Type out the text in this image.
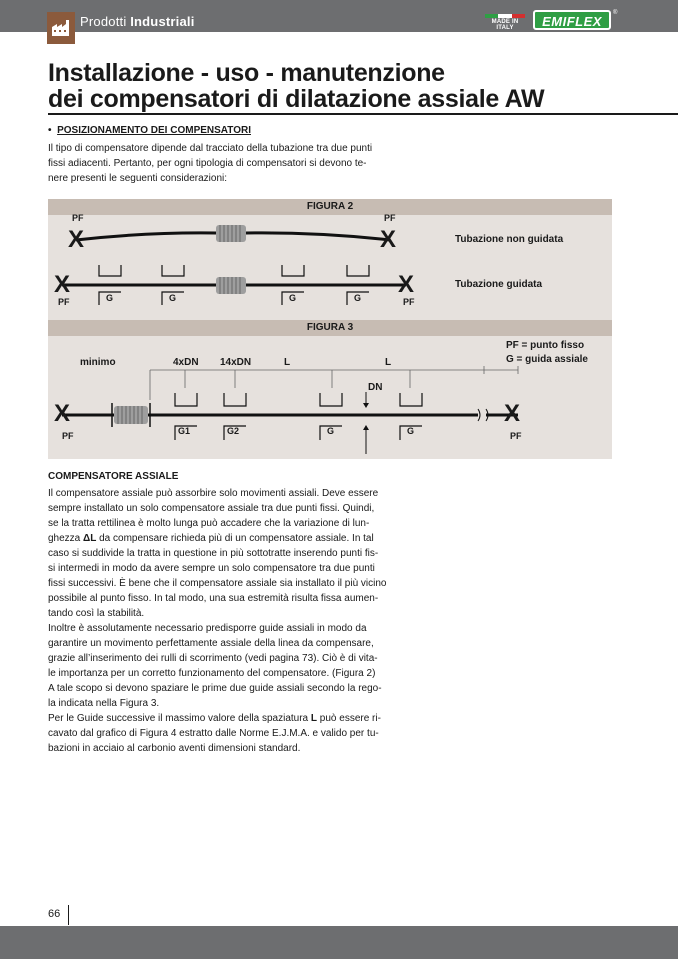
Prodotti Industriali	MADE IN ITALY	EMIFLEX
®
Installazione - uso - manutenzione
dei compensatori di dilatazione assiale AW
• POSIZIONAMENTO DEI COMPENSATORI

Il tipo di compensatore dipende dal tracciato della tubazione tra due punti

fissi adiacenti. Pertanto, per ogni tipologia di compensatori si devono te-

nere presenti le seguenti considerazioni:

FIGURA 2
PF
X
PF
X	Tubazione non guidata
X
PF
X
PF
Tubazione guidata
G	G	G	G
FIGURA 3
PF = punto fisso
G = guida assiale
minimo	4xDN 14xDN	L	L
DN
X
PF
X
PF
G1	G2	G	G
COMPENSATORE ASSIALE

Il compensatore assiale può assorbire solo movimenti assiali. Deve essere

sempre installato un solo compensatore assiale tra due punti fissi. Quindi,

se la tratta rettilinea è molto lunga può accadere che la variazione di lun-

ghezza ΔL da compensare richieda più di un compensatore assiale. In tal

caso si suddivide la tratta in questione in più sottotratte inserendo punti fis-

si intermedi in modo da avere sempre un solo compensatore tra due punti

fissi successivi. È bene che il compensatore assiale sia installato il più vicino

possibile al punto fisso. In tal modo, una sua estremità risulta fissa aumen-

tando così la stabilità.

Inoltre è assolutamente necessario predisporre guide assiali in modo da

garantire un movimento perfettamente assiale della linea da compensare,

grazie all’inserimento dei rulli di scorrimento (vedi pagina 73). Ciò è di vita-

le importanza per un corretto funzionamento del compensatore. (Figura 2)

A tale scopo si devono spaziare le prime due guide assiali secondo la rego-

la indicata nella Figura 3.

Per le Guide successive il massimo valore della spaziatura L può essere ri-

cavato dal grafico di Figura 4 estratto dalle Norme E.J.M.A. e valido per tu-

bazioni in acciaio al carbonio aventi dimensioni standard.

66
